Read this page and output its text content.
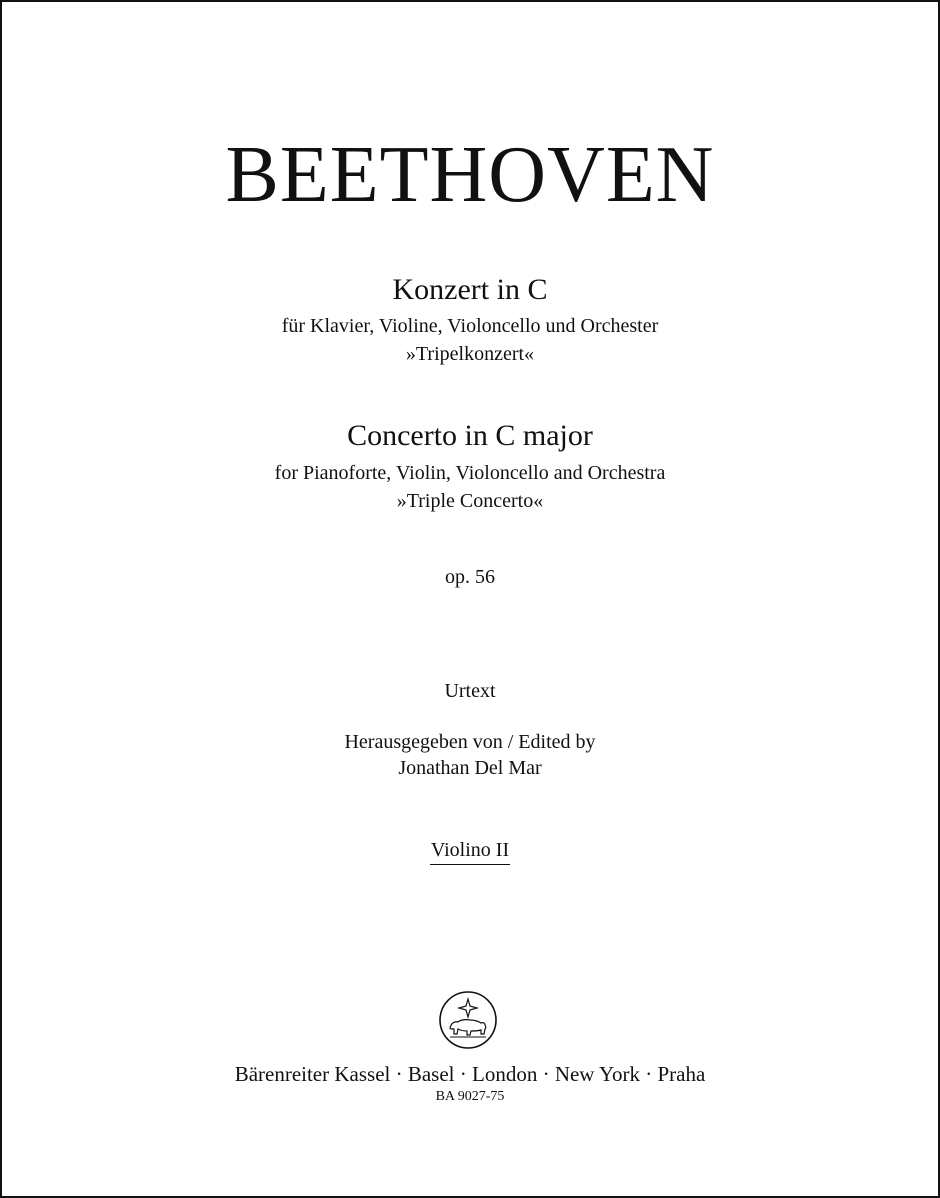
BEETHOVEN
Konzert in C
für Klavier, Violine, Violoncello und Orchester
»Tripelkonzert«
Concerto in C major
for Pianoforte, Violin, Violoncello and Orchestra
»Triple Concerto«
op. 56
Urtext
Herausgegeben von / Edited by
Jonathan Del Mar
Violino II
Bärenreiter Kassel · Basel · London · New York · Praha
BA 9027-75
